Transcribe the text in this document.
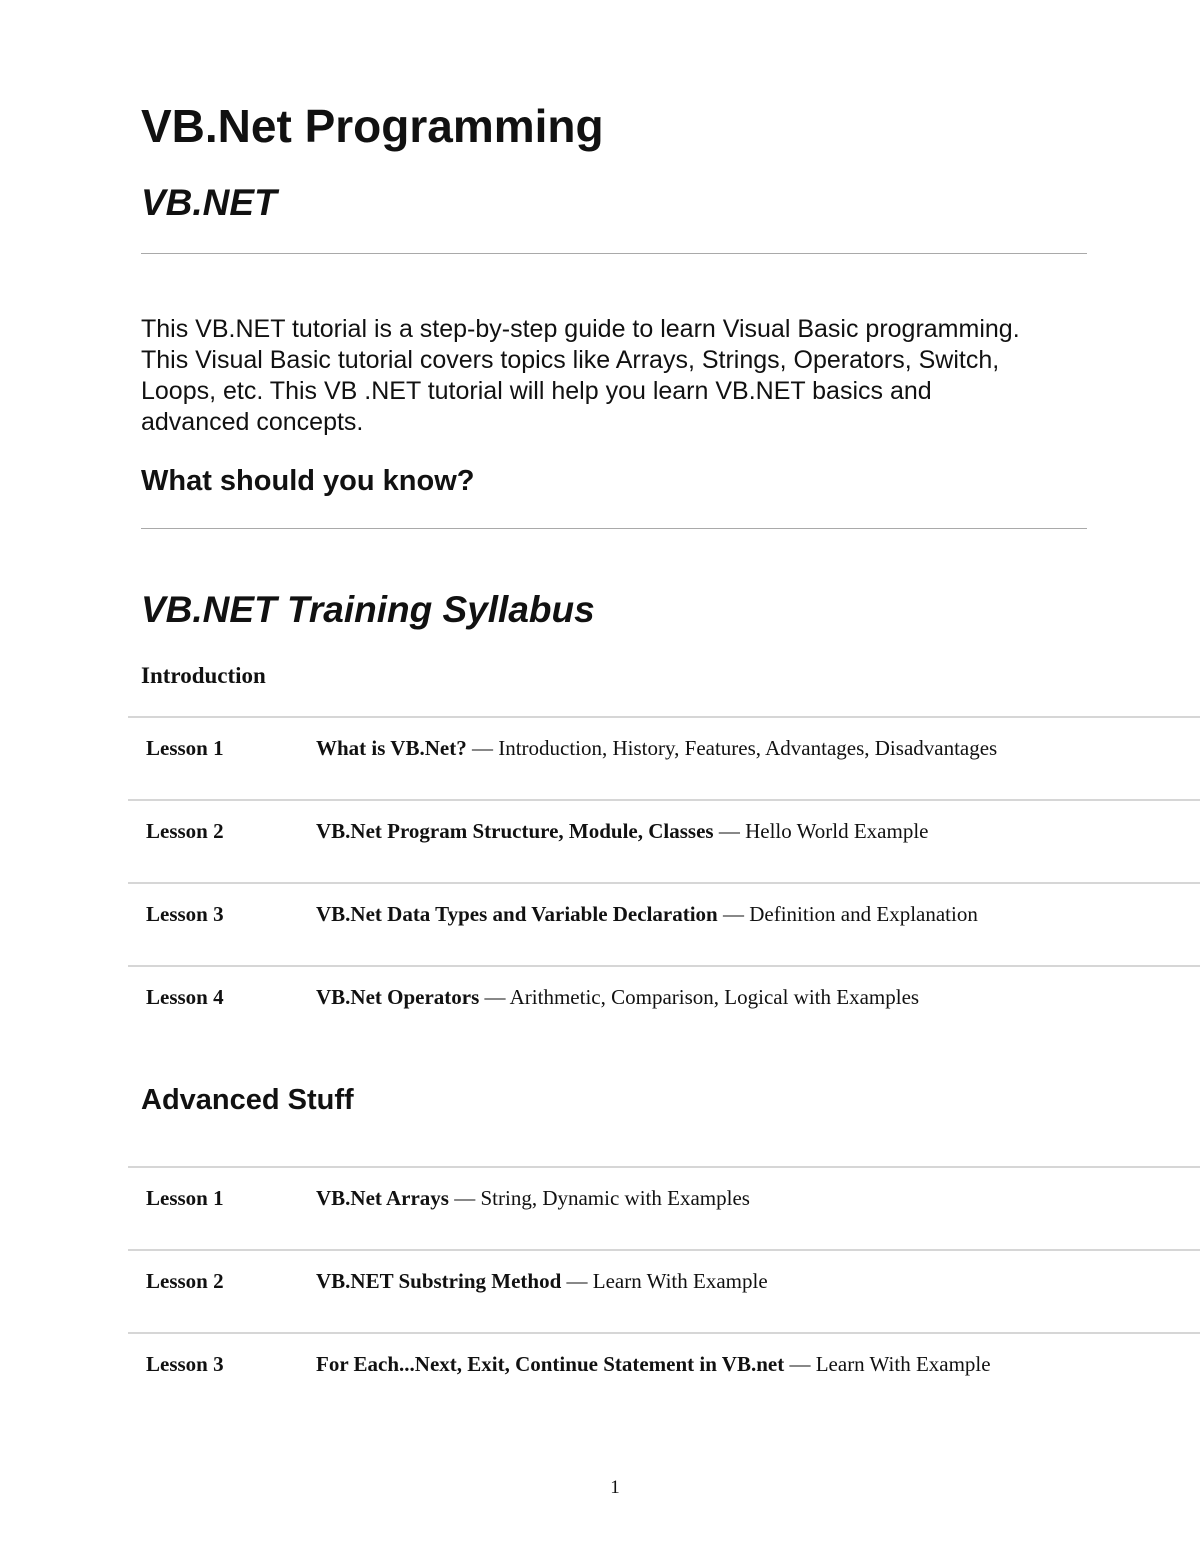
VB.Net Programming
VB.NET

This VB.NET tutorial is a step-by-step guide to learn Visual Basic programming.
This Visual Basic tutorial covers topics like Arrays, Strings, Operators, Switch,
Loops, etc. This VB .NET tutorial will help you learn VB.NET basics and
advanced concepts.

What should you know?
VB.NET Training Syllabus
Introduction
Lesson 1	What is VB.Net? — Introduction, History, Features, Advantages, Disadvantages
Lesson 2	VB.Net Program Structure, Module, Classes — Hello World Example
Lesson 3	VB.Net Data Types and Variable Declaration — Definition and Explanation
Lesson 4	VB.Net Operators — Arithmetic, Comparison, Logical with Examples
Advanced Stuff
Lesson 1	VB.Net Arrays — String, Dynamic with Examples
Lesson 2	VB.NET Substring Method — Learn With Example
Lesson 3	For Each...Next, Exit, Continue Statement in VB.net — Learn With Example
1
